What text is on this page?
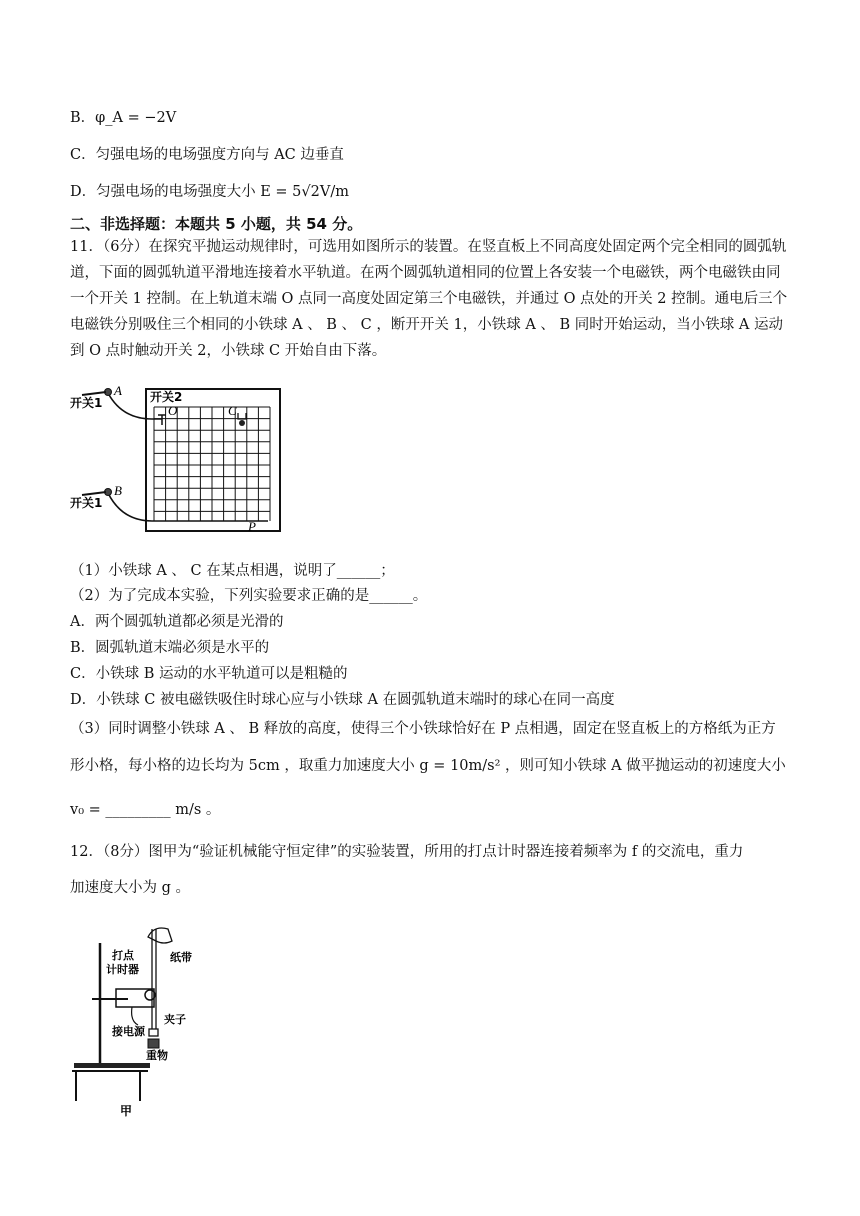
B．φ_A = −2V
C．匀强电场的电场强度方向与 AC 边垂直
D．匀强电场的电场强度大小 E = 5√2V/m
二、非选择题：本题共 5 小题，共 54 分。
11．（6分）在探究平抛运动规律时，可选用如图所示的装置。在竖直板上不同高度处固定两个完全相同的圆弧轨道，下面的圆弧轨道平滑地连接着水平轨道。在两个圆弧轨道相同的位置上各安装一个电磁铁，两个电磁铁由同一个开关 1 控制。在上轨道末端 O 点同一高度处固定第三个电磁铁，并通过 O 点处的开关 2 控制。通电后三个电磁铁分别吸住三个相同的小铁球 A 、 B 、 C ，断开开关 1，小铁球 A 、 B 同时开始运动，当小铁球 A 运动到 O 点时触动开关 2，小铁球 C 开始自由下落。
开关1
开关1
开关2
A
B
C
O
P
（1）小铁球 A 、 C 在某点相遇，说明了______；
（2）为了完成本实验，下列实验要求正确的是______。
A．两个圆弧轨道都必须是光滑的
B．圆弧轨道末端必须是水平的
C．小铁球 B 运动的水平轨道可以是粗糙的
D．小铁球 C 被电磁铁吸住时球心应与小铁球 A 在圆弧轨道末端时的球心在同一高度
（3）同时调整小铁球 A 、 B 释放的高度，使得三个小铁球恰好在 P 点相遇，固定在竖直板上的方格纸为正方
形小格，每小格的边长均为 5cm ，取重力加速度大小 g = 10m/s² ，则可知小铁球 A 做平抛运动的初速度大小
v₀ = _________ m/s 。
12．（8分）图甲为“验证机械能守恒定律”的实验装置，所用的打点计时器连接着频率为 f 的交流电，重力
加速度大小为 g 。
打点
计时器
纸带
夹子
接电源
重物
甲
